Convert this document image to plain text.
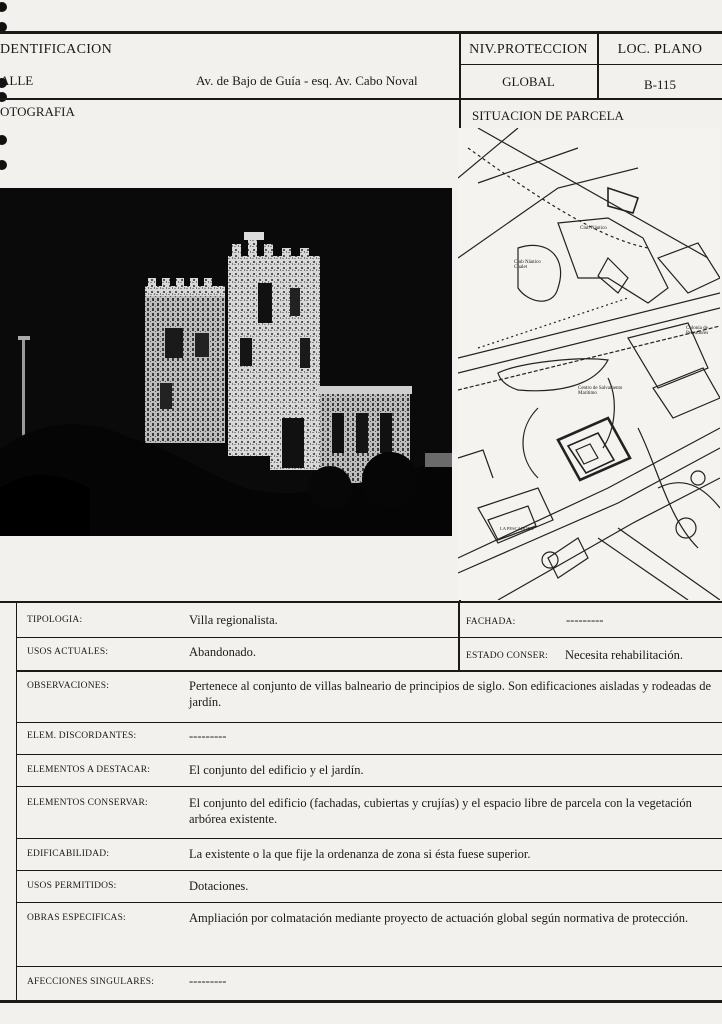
DENTIFICACION	NIV.PROTECCION	LOC. PLANO
ALLE	Av. de Bajo de Guía - esq. Av. Cabo Noval	GLOBAL	B-115
OTOGRAFIA	SITUACION DE PARCELA
Club Náutico
Club Náutico Chalet
Colonia de Pescadores
Centro de Salvamento Marítimo
LA PESCADORA
TIPOLOGIA:	Villa regionalista.	FACHADA:	---------
USOS ACTUALES:	Abandonado.	ESTADO CONSER: Necesita rehabilitación.
OBSERVACIONES:	Pertenece al conjunto de villas balneario de principios de siglo. Son edificaciones aisladas y rodeadas de jardín.
ELEM. DISCORDANTES:	---------
ELEMENTOS A DESTACAR:	El conjunto del edificio y el jardín.
ELEMENTOS CONSERVAR:	El conjunto del edificio (fachadas, cubiertas y crujías) y el espacio libre de parcela con la vegetación arbórea existente.
EDIFICABILIDAD:	La existente o la que fije la ordenanza de zona si ésta fuese superior.
USOS PERMITIDOS:	Dotaciones.
OBRAS ESPECIFICAS:	Ampliación por colmatación mediante proyecto de actuación global según normativa de protección.
AFECCIONES SINGULARES:	---------
